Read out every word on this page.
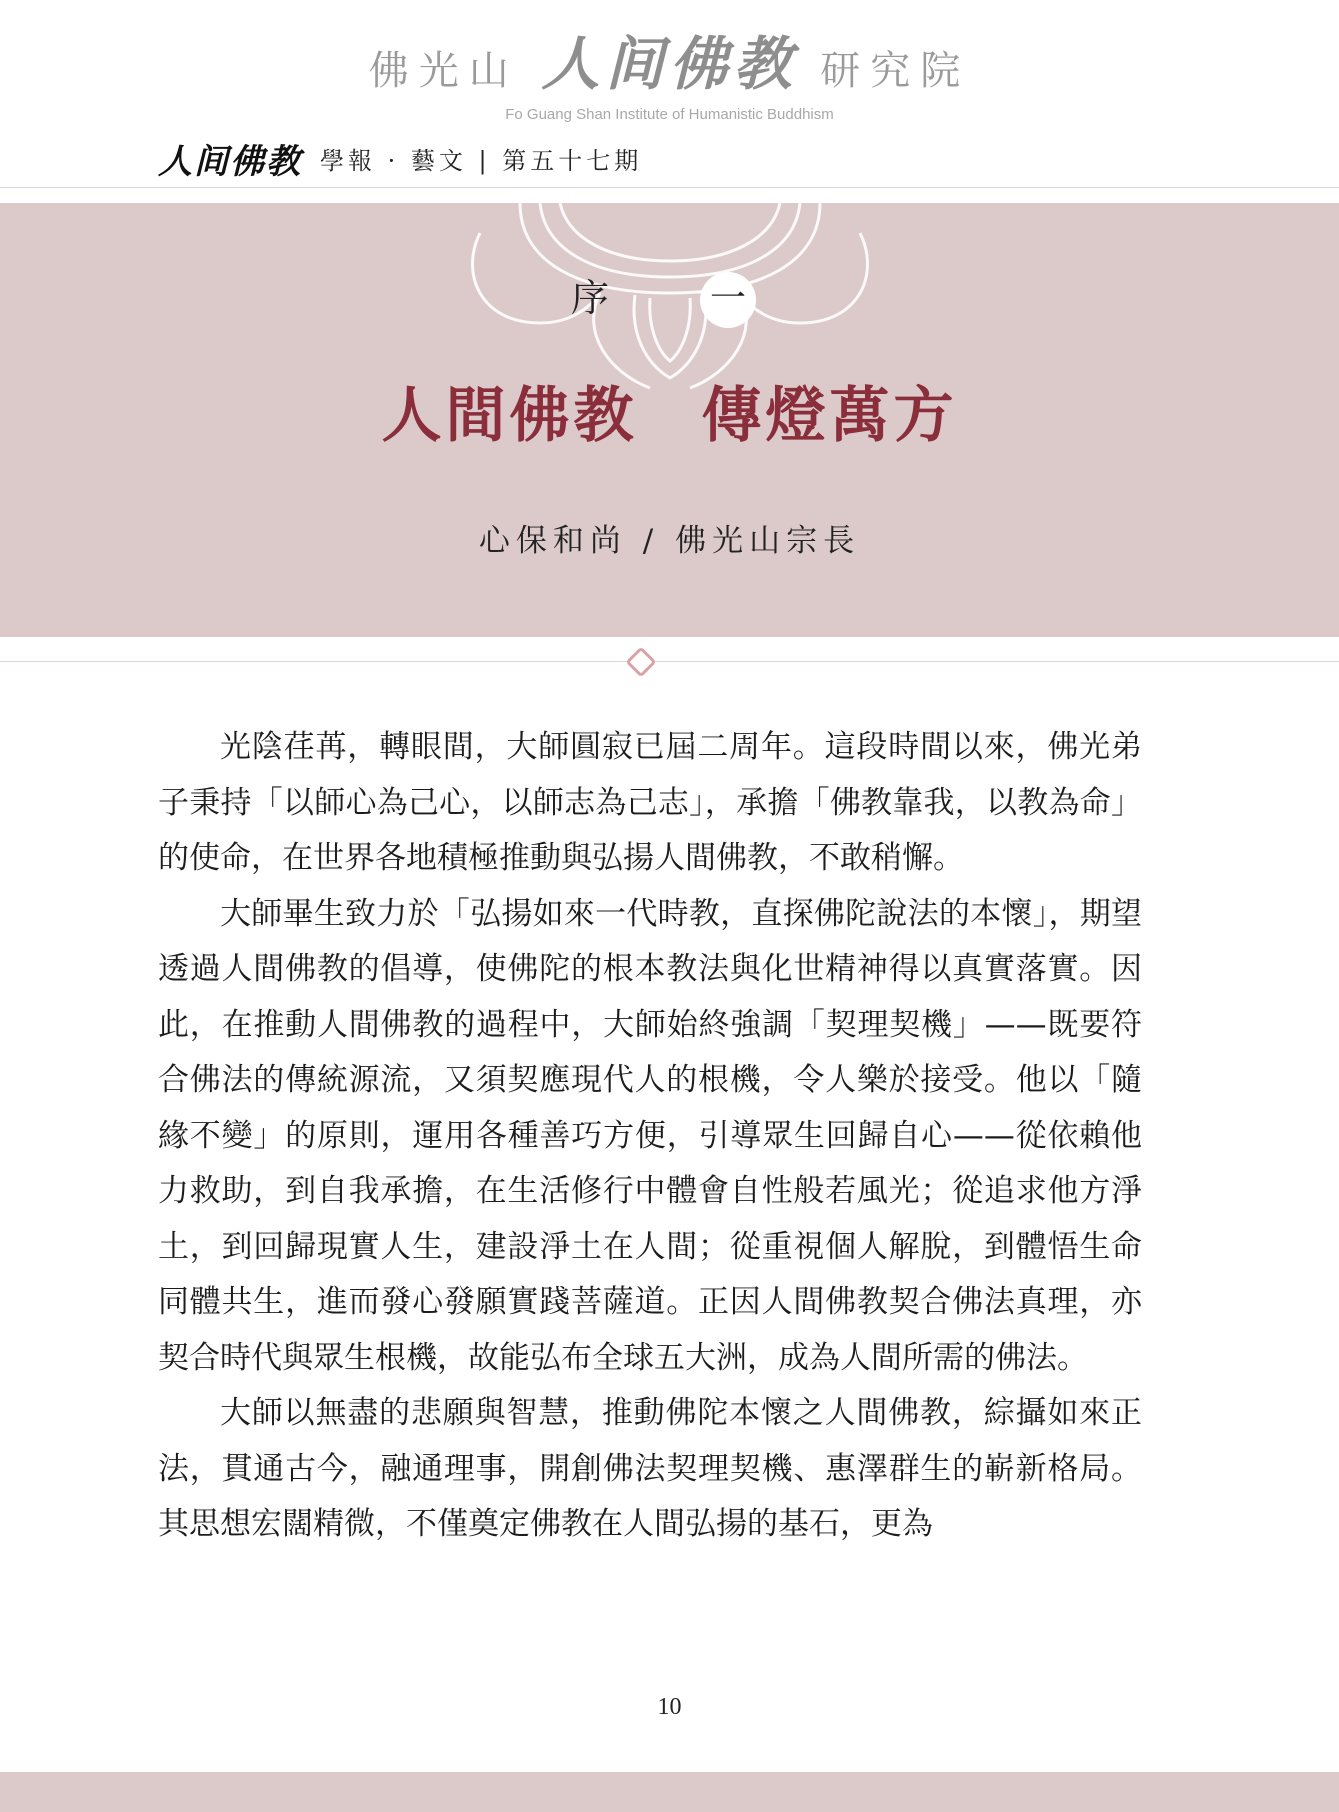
佛光山 人间佛教 研究院
Fo Guang Shan Institute of Humanistic Buddhism
人间佛教 學報 · 藝文 | 第五十七期
序	一
人間佛教　傳燈萬方
心保和尚 / 佛光山宗長

光陰荏苒，轉眼間，大師圓寂已屆二周年。這段時間以來，佛光弟子秉持「以師心為己心，以師志為己志」，承擔「佛教靠我，以教為命」的使命，在世界各地積極推動與弘揚人間佛教，不敢稍懈。

大師畢生致力於「弘揚如來一代時教，直探佛陀說法的本懷」，期望透過人間佛教的倡導，使佛陀的根本教法與化世精神得以真實落實。因此，在推動人間佛教的過程中，大師始終強調「契理契機」——既要符合佛法的傳統源流，又須契應現代人的根機，令人樂於接受。他以「隨緣不變」的原則，運用各種善巧方便，引導眾生回歸自心——從依賴他力救助，到自我承擔，在生活修行中體會自性般若風光；從追求他方淨土，到回歸現實人生，建設淨土在人間；從重視個人解脫，到體悟生命同體共生，進而發心發願實踐菩薩道。正因人間佛教契合佛法真理，亦契合時代與眾生根機，故能弘布全球五大洲，成為人間所需的佛法。

大師以無盡的悲願與智慧，推動佛陀本懷之人間佛教，綜攝如來正法，貫通古今，融通理事，開創佛法契理契機、惠澤群生的嶄新格局。其思想宏闊精微，不僅奠定佛教在人間弘揚的基石，更為

10
